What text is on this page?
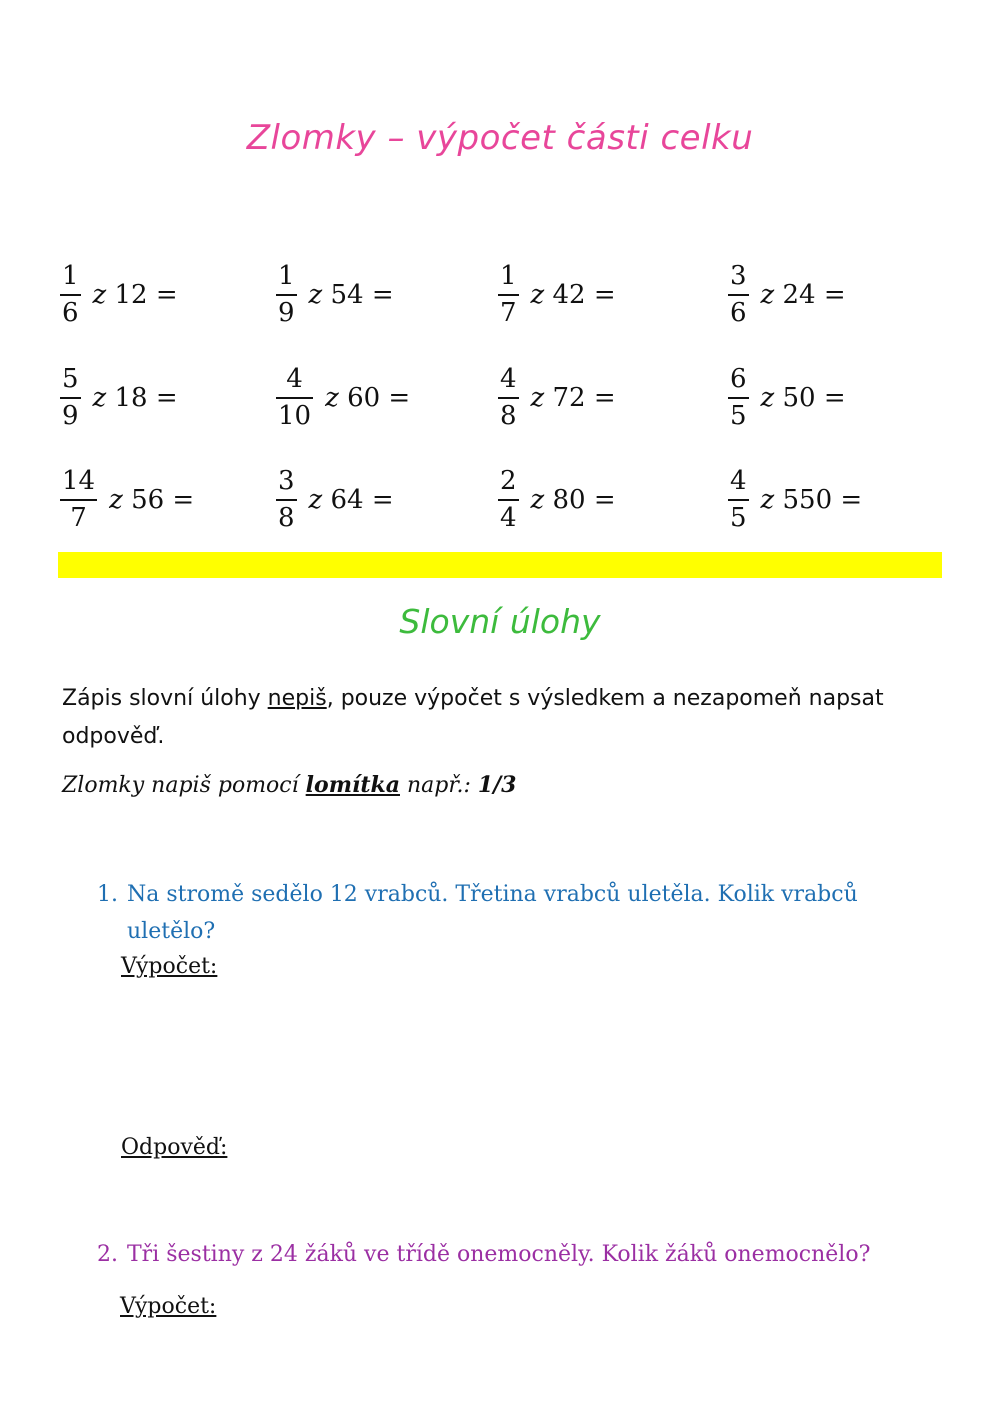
Zlomky – výpočet části celku
$\frac{1}{6}$ z 12 =	$\frac{1}{9}$ z 54 =	$\frac{1}{7}$ z 42 =	$\frac{3}{6}$ z 24 =
$\frac{5}{9}$ z 18 =	$\frac{4}{10}$ z 60 =	$\frac{4}{8}$ z 72 =	$\frac{6}{5}$ z 50 =
$\frac{14}{7}$ z 56 =	$\frac{3}{8}$ z 64 =	$\frac{2}{4}$ z 80 =	$\frac{4}{5}$ z 550 =
Slovní úlohy
Zápis slovní úlohy nepiš, pouze výpočet s výsledkem a nezapomeň napsat odpověď.
Zlomky napiš pomocí lomítka např.: 1/3
1. Na stromě sedělo 12 vrabců. Třetina vrabců uletěla. Kolik vrabců uletělo?
Výpočet:
Odpověď:
2. Tři šestiny z 24 žáků ve třídě onemocněly. Kolik žáků onemocnělo?
Výpočet:
